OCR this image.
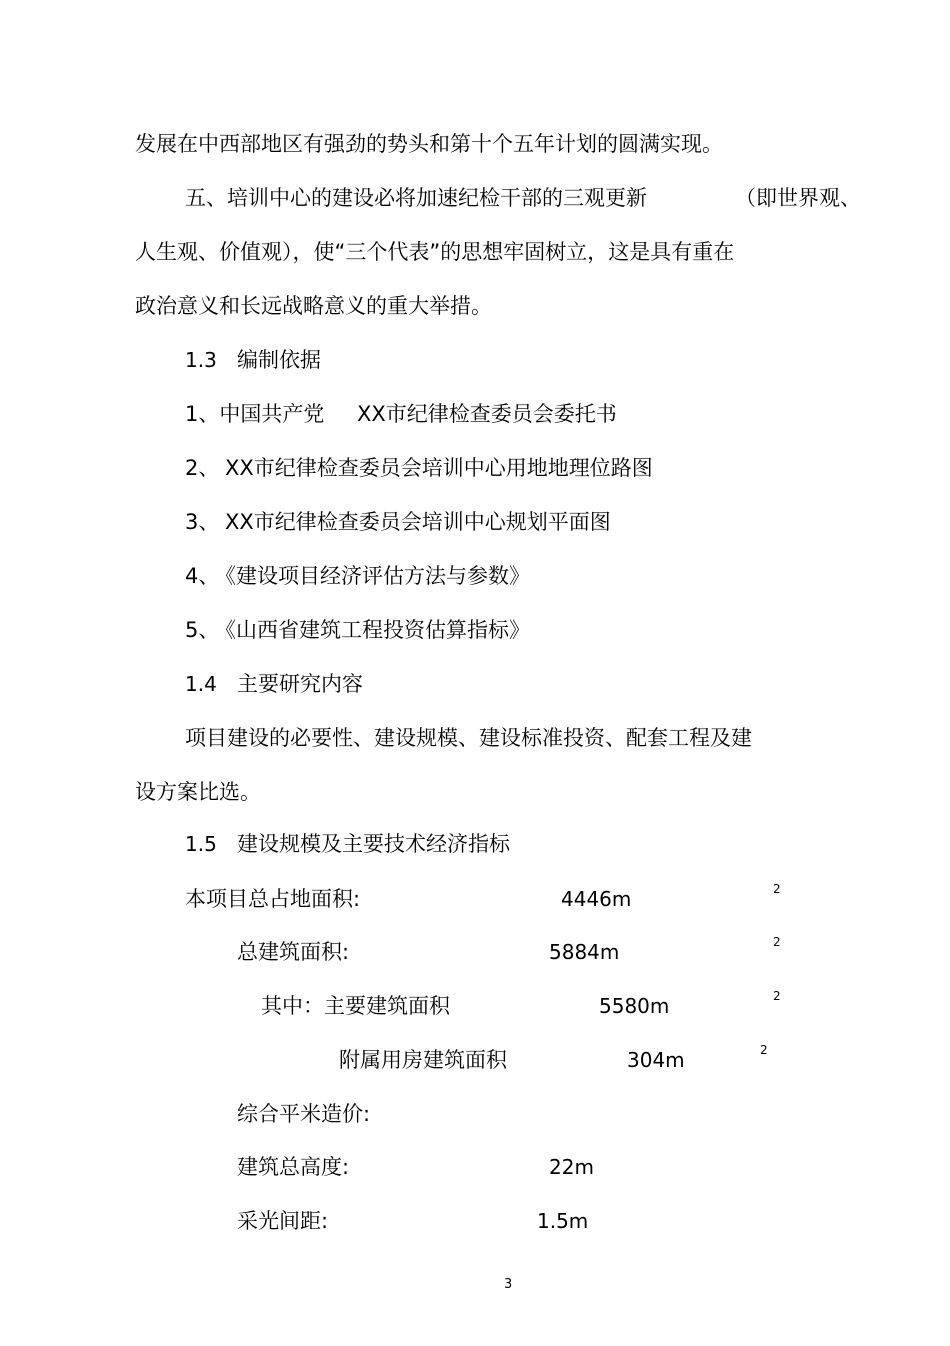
发展在中西部地区有强劲的势头和第十个五年计划的圆满实现。
五、培训中心的建设必将加速纪检干部的三观更新	（即世界观、
人生观、价值观），使“三个代表”的思想牢固树立，这是具有重在
政治意义和长远战略意义的重大举措。
1.3 编制依据
1、中国共产党 XX市纪律检查委员会委托书
2、 XX市纪律检查委员会培训中心用地地理位路图
3、 XX市纪律检查委员会培训中心规划平面图
4、
《建设项目经济评估方法与参数》
5、
《山西省建筑工程投资估算指标》
1.4 主要研究内容
项目建设的必要性、建设规模、建设标准投资、配套工程及建
设方案比选。
1.5 建设规模及主要技术经济指标
本项目总占地面积:	4446m	2
总建筑面积:	5884m	2
其中：主要建筑面积	5580m	2
附属用房建筑面积	304m	2
综合平米造价:
建筑总高度:	22m
采光间距:	1.5m
3
